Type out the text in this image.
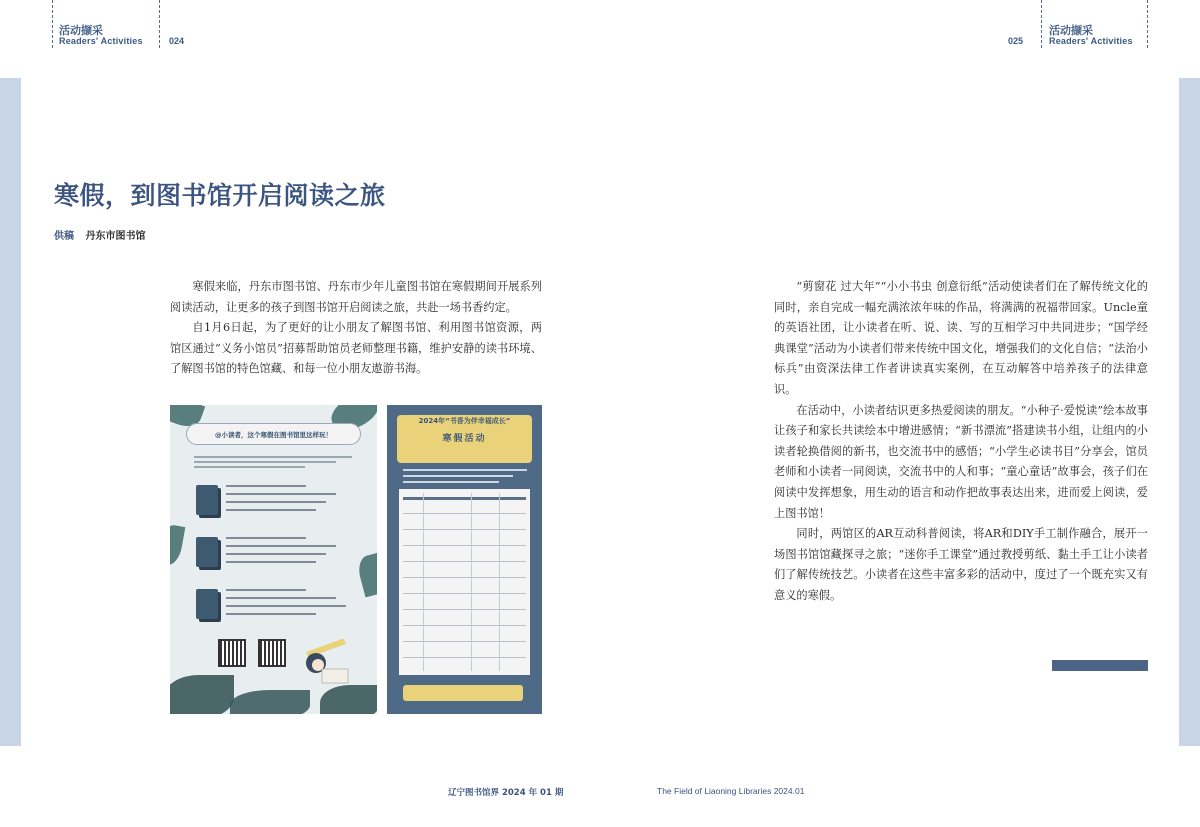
活动撷采
Readers' Activities	024	025
活动撷采
Readers' Activities
寒假，到图书馆开启阅读之旅
供稿 丹东市图书馆

寒假来临，丹东市图书馆、丹东市少年儿童图书馆在寒假期间开展系列阅读活动，让更多的孩子到图书馆开启阅读之旅，共赴一场书香约定。

自1月6日起，为了更好的让小朋友了解图书馆、利用图书馆资源，两馆区通过“义务小馆员”招募帮助馆员老师整理书籍，维护安静的读书环境、了解图书馆的特色馆藏、和每一位小朋友遨游书海。

“剪窗花 过大年”“小小书虫 创意衍纸”活动使读者们在了解传统文化的同时，亲自完成一幅充满浓浓年味的作品，将满满的祝福带回家。Uncle童的英语社团，让小读者在听、说、读、写的互相学习中共同进步；“国学经典课堂”活动为小读者们带来传统中国文化，增强我们的文化自信；“法治小标兵”由资深法律工作者讲读真实案例，在互动解答中培养孩子的法律意识。

在活动中，小读者结识更多热爱阅读的朋友。“小种子·爱悦读”绘本故事让孩子和家长共读绘本中增进感情；“新书漂流”搭建读书小组，让组内的小读者轮换借阅的新书，也交流书中的感悟；“小学生必读书目”分享会，馆员老师和小读者一同阅读，交流书中的人和事；“童心童话”故事会，孩子们在阅读中发挥想象，用生动的语言和动作把故事表达出来，进而爱上阅读，爱上图书馆！

同时，两馆区的AR互动科普阅读，将AR和DIY手工制作融合，展开一场图书馆馆藏探寻之旅；“迷你手工课堂”通过教授剪纸、黏土手工让小读者们了解传统技艺。小读者在这些丰富多彩的活动中，度过了一个既充实又有意义的寒假。

@小读者，这个寒假在图书馆里这样玩！
2024年“书香为伴幸福成长”
寒假活动
辽宁图书馆界 2024 年 01 期	The Field of Liaoning Libraries 2024.01
